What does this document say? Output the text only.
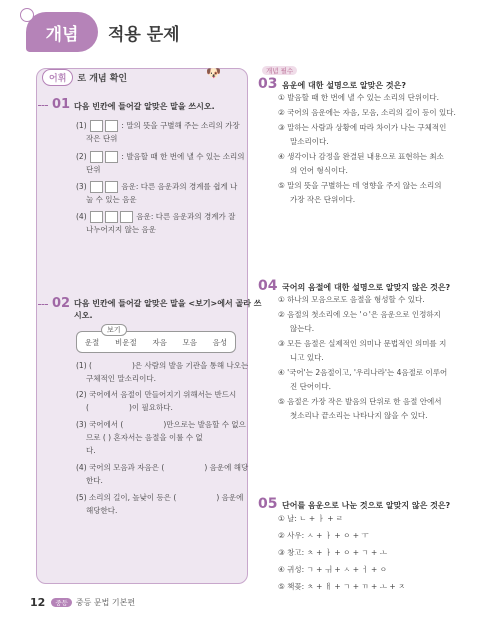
개념	적용 문제
어휘	로 개념 확인	🐶
01 다음 빈칸에 들어갈 알맞은 말을 쓰시오.
(1)	: 말의 뜻을 구별해 주는 소리의 가장
작은 단위
(2)	: 발음할 때 한 번에 낼 수 있는 소리의
단위
(3)	음운: 다른 음운과의 경계를 쉽게 나
눌 수 있는 음운
(4)	음운: 다른 음운과의 경계가 잘
나누어지지 않는 음운
02 다음 빈칸에 들어갈 알맞은 말을 <보기>에서 골라 쓰
시오.
운절 비운절 자음 모음 음성
보기
(1) (	)은 사람의 발음 기관을 통해 나오는
구체적인 말소리이다.
(2) 국어에서 음절이 만들어지기 위해서는 반드시
(	)이 필요하다.
(3) 국어에서 (	)만으로는 발음할 수 없으
므로 ( ) 혼자서는 음절을 이룰 수 없
다.
(4) 국어의 모음과 자음은 (	) 음운에 해당
한다.
(5) 소리의 길이, 높낮이 등은 (	) 음운에
해당한다.
개념 필수
03 음운에 대한 설명으로 알맞은 것은?
① 발음할 때 한 번에 낼 수 있는 소리의 단위이다.
② 국어의 음운에는 자음, 모음, 소리의 길이 등이 있다.
③ 말하는 사람과 상황에 따라 차이가 나는 구체적인
말소리이다.
④ 생각이나 감정을 완결된 내용으로 표현하는 최소
의 언어 형식이다.
⑤ 말의 뜻을 구별하는 데 영향을 주지 않는 소리의
가장 작은 단위이다.
04 국어의 음절에 대한 설명으로 알맞지 않은 것은?
① 하나의 모음으로도 음절을 형성할 수 있다.
② 음절의 첫소리에 오는 'ㅇ'은 음운으로 인정하지
않는다.
③ 모든 음절은 실제적인 의미나 문법적인 의미를 지
니고 있다.
④ '국어'는 2음절이고, '우리나라'는 4음절로 이루어
진 단어이다.
⑤ 음절은 가장 작은 발음의 단위로 한 음절 안에서
첫소리나 끝소리는 나타나지 않을 수 있다.
05 단어를 음운으로 나눈 것으로 알맞지 않은 것은?
① 날: ㄴ + ㅏ + ㄹ
② 사우: ㅅ + ㅏ + ㅇ + ㅜ
③ 창고: ㅊ + ㅏ + ㅇ + ㄱ + ㅗ
④ 귀성: ㄱ + ㅟ + ㅅ + ㅓ + ㅇ
⑤ 책꽂: ㅊ + ㅐ + ㄱ + ㄲ + ㅗ + ㅈ
12	중등	중등 문법 기본편
